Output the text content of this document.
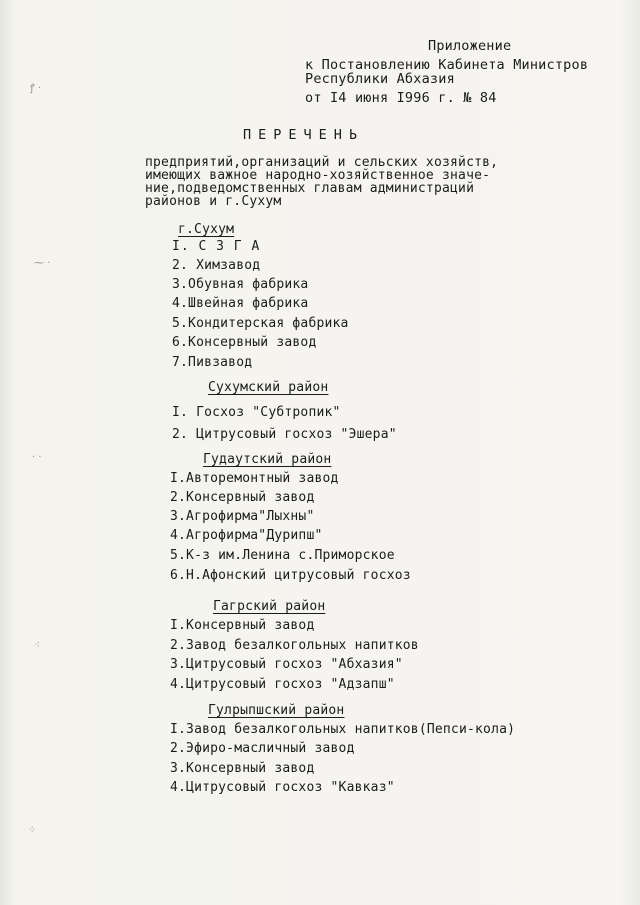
ꝭ ·
⁓ ·
· ·
⁖
⁘
Приложение
к Постановлению Кабинета Министров
Республики Абхазия
от I4 июня I996 г. № 84
ПЕРЕЧЕНЬ
предприятий,организаций и сельских хозяйств,
имеющих важное народно-хозяйственное значе-
ние,подведомственных главам администраций
районов и г.Сухум
г.Сухум
I. С З Г А
2. Химзавод
3.Обувная фабрика
4.Швейная фабрика
5.Кондитерская фабрика
6.Консервный завод
7.Пивзавод
Сухумский район
I. Госхоз "Субтропик"
2. Цитрусовый госхоз "Эшера"
Гудаутский район
I.Авторемонтный завод
2.Консервный завод
3.Агрофирма"Лыхны"
4.Агрофирма"Дурипш"
5.К-з им.Ленина с.Приморское
6.Н.Афонский цитрусовый госхоз
Гагрский район
I.Консервный завод
2.Завод безалкогольных напитков
3.Цитрусовый госхоз "Абхазия"
4.Цитрусовый госхоз "Адзапш"
Гулрыпшский район
I.Завод безалкогольных напитков(Пепси-кола)
2.Эфиро-масличный завод
3.Консервный завод
4.Цитрусовый госхоз "Кавказ"
